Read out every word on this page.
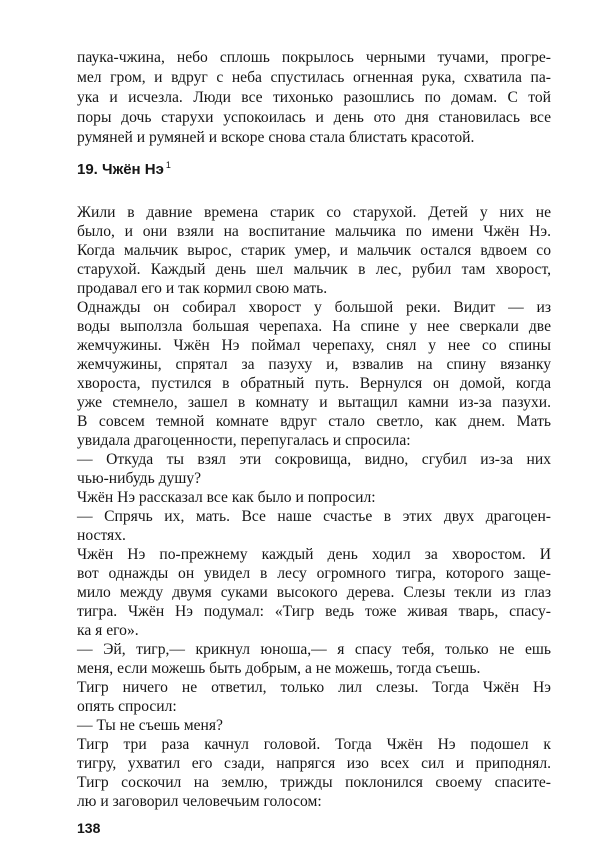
паука-чжина, небо сплошь покрылось черными тучами, прогре-
мел гром, и вдруг с неба спустилась огненная рука, схватила па-
ука и исчезла. Люди все тихонько разошлись по домам. С той
поры дочь старухи успокоилась и день ото дня становилась все
румяней и румяней и вскоре снова стала блистать красотой.
19. Чжён Нэ $^1$
Жили в давние времена старик со старухой. Детей у них не
было, и они взяли на воспитание мальчика по имени Чжён Нэ.
Когда мальчик вырос, старик умер, и мальчик остался вдвоем со
старухой. Каждый день шел мальчик в лес, рубил там хворост,
продавал его и так кормил свою мать.
Однажды он собирал хворост у большой реки. Видит — из
воды выползла большая черепаха. На спине у нее сверкали две
жемчужины. Чжён Нэ поймал черепаху, снял у нее со спины
жемчужины, спрятал за пазуху и, взвалив на спину вязанку
хвороста, пустился в обратный путь. Вернулся он домой, когда
уже стемнело, зашел в комнату и вытащил камни из-за пазухи.
В совсем темной комнате вдруг стало светло, как днем. Мать
увидала драгоценности, перепугалась и спросила:
— Откуда ты взял эти сокровища, видно, сгубил из-за них
чью-нибудь душу?
Чжён Нэ рассказал все как было и попросил:
— Спрячь их, мать. Все наше счастье в этих двух драгоцен-
ностях.
Чжён Нэ по-прежнему каждый день ходил за хворостом. И
вот однажды он увидел в лесу огромного тигра, которого заще-
мило между двумя суками высокого дерева. Слезы текли из глаз
тигра. Чжён Нэ подумал: «Тигр ведь тоже живая тварь, спасу-
ка я его».
— Эй, тигр,— крикнул юноша,— я спасу тебя, только не ешь
меня, если можешь быть добрым, а не можешь, тогда съешь.
Тигр ничего не ответил, только лил слезы. Тогда Чжён Нэ
опять спросил:
— Ты не съешь меня?
Тигр три раза качнул головой. Тогда Чжён Нэ подошел к
тигру, ухватил его сзади, напрягся изо всех сил и приподнял.
Тигр соскочил на землю, трижды поклонился своему спасите-
лю и заговорил человечьим голосом:
138
